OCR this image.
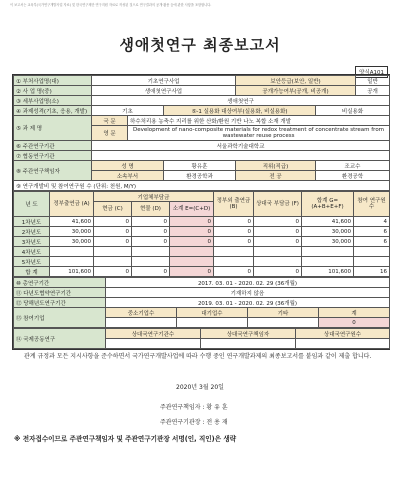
이 보고서는 교육부(국가연구개발사업 자료) 및 한국연구재단 연구지원 자료로 작성된 것으로 연구결과의 공개·활용 등에 관한 사항을 포함합니다.
생애첫연구 최종보고서
양식A101
① 부처사업명(대)	기초연구사업			보안등급(보안, 일반)		일반
② 사 업 명(중)	생애첫연구사업			공개가능여부(공개, 비공개)		공개
③ 세부사업명(소)	생애첫연구					
④ 과제성격(기초, 응용, 개발)	기초		⑤-1 실용화 대상여부(실용화, 비실용화)		비실용화	
⑤ 과 제 명	국 문	하수처리용 농축수 지리를 위한 산화/환원 기반 나노 복합 소재 개발				
	영 문	Development of nano-composite materials for redox treatment of concentrate stream from wastewater reuse process				
⑥ 주관연구기관	서울과학기술대학교					
⑦ 협동연구기관						
⑧ 주관연구책임자	성 명		황유훈	직위(직급)	조교수	
	소속부서		환경공학과	전 공	환경공학	
⑨ 연구개발비 및 참여연구원 수 (단위: 천원, M/Y)						
년 도	정부출연금 (A)	기업체부담금			정부외 출연금 (B)	상대국 부담금 (F)	합계 G=(A+B+E+F)	참여 연구원수
		현금 (C)	현물 (D)	소계 E=(C+D)				
1차년도	41,600	0	0	0	0	0	41,600	4
2차년도	30,000	0	0	0	0	0	30,000	6
3차년도	30,000	0	0	0	0	0	30,000	6
4차년도								
5차년도								
합 계	101,600	0	0	0	0	0	101,600	16
⑩ 총연구기간	2017. 03. 01 - 2020. 02. 29 (36개월)			
⑪ 다년도협약연구기간	기재하지 않음			
⑫ 당해년도연구기간	2019. 03. 01 - 2020. 02. 29 (36개월)			
⑬ 참여기업	중소기업수	대기업수	기타	계
				0
⑭ 국제공동연구	상대국연구기관수	상대국연구책임자	상대국연구원수

관계 규정과 모든 지시사항을 준수하면서 국가연구개발사업에 따라 수행 중인 연구개발과제의 최종보고서를 붙임과 같이 제출 합니다.
2020년 3월 20일
주관연구책임자 : 황 유 훈
주관연구기관장 : 전 용 재
※ 전자접수이므로 주관연구책임자 및 주관연구기관장 서명(인, 직인)은 생략
